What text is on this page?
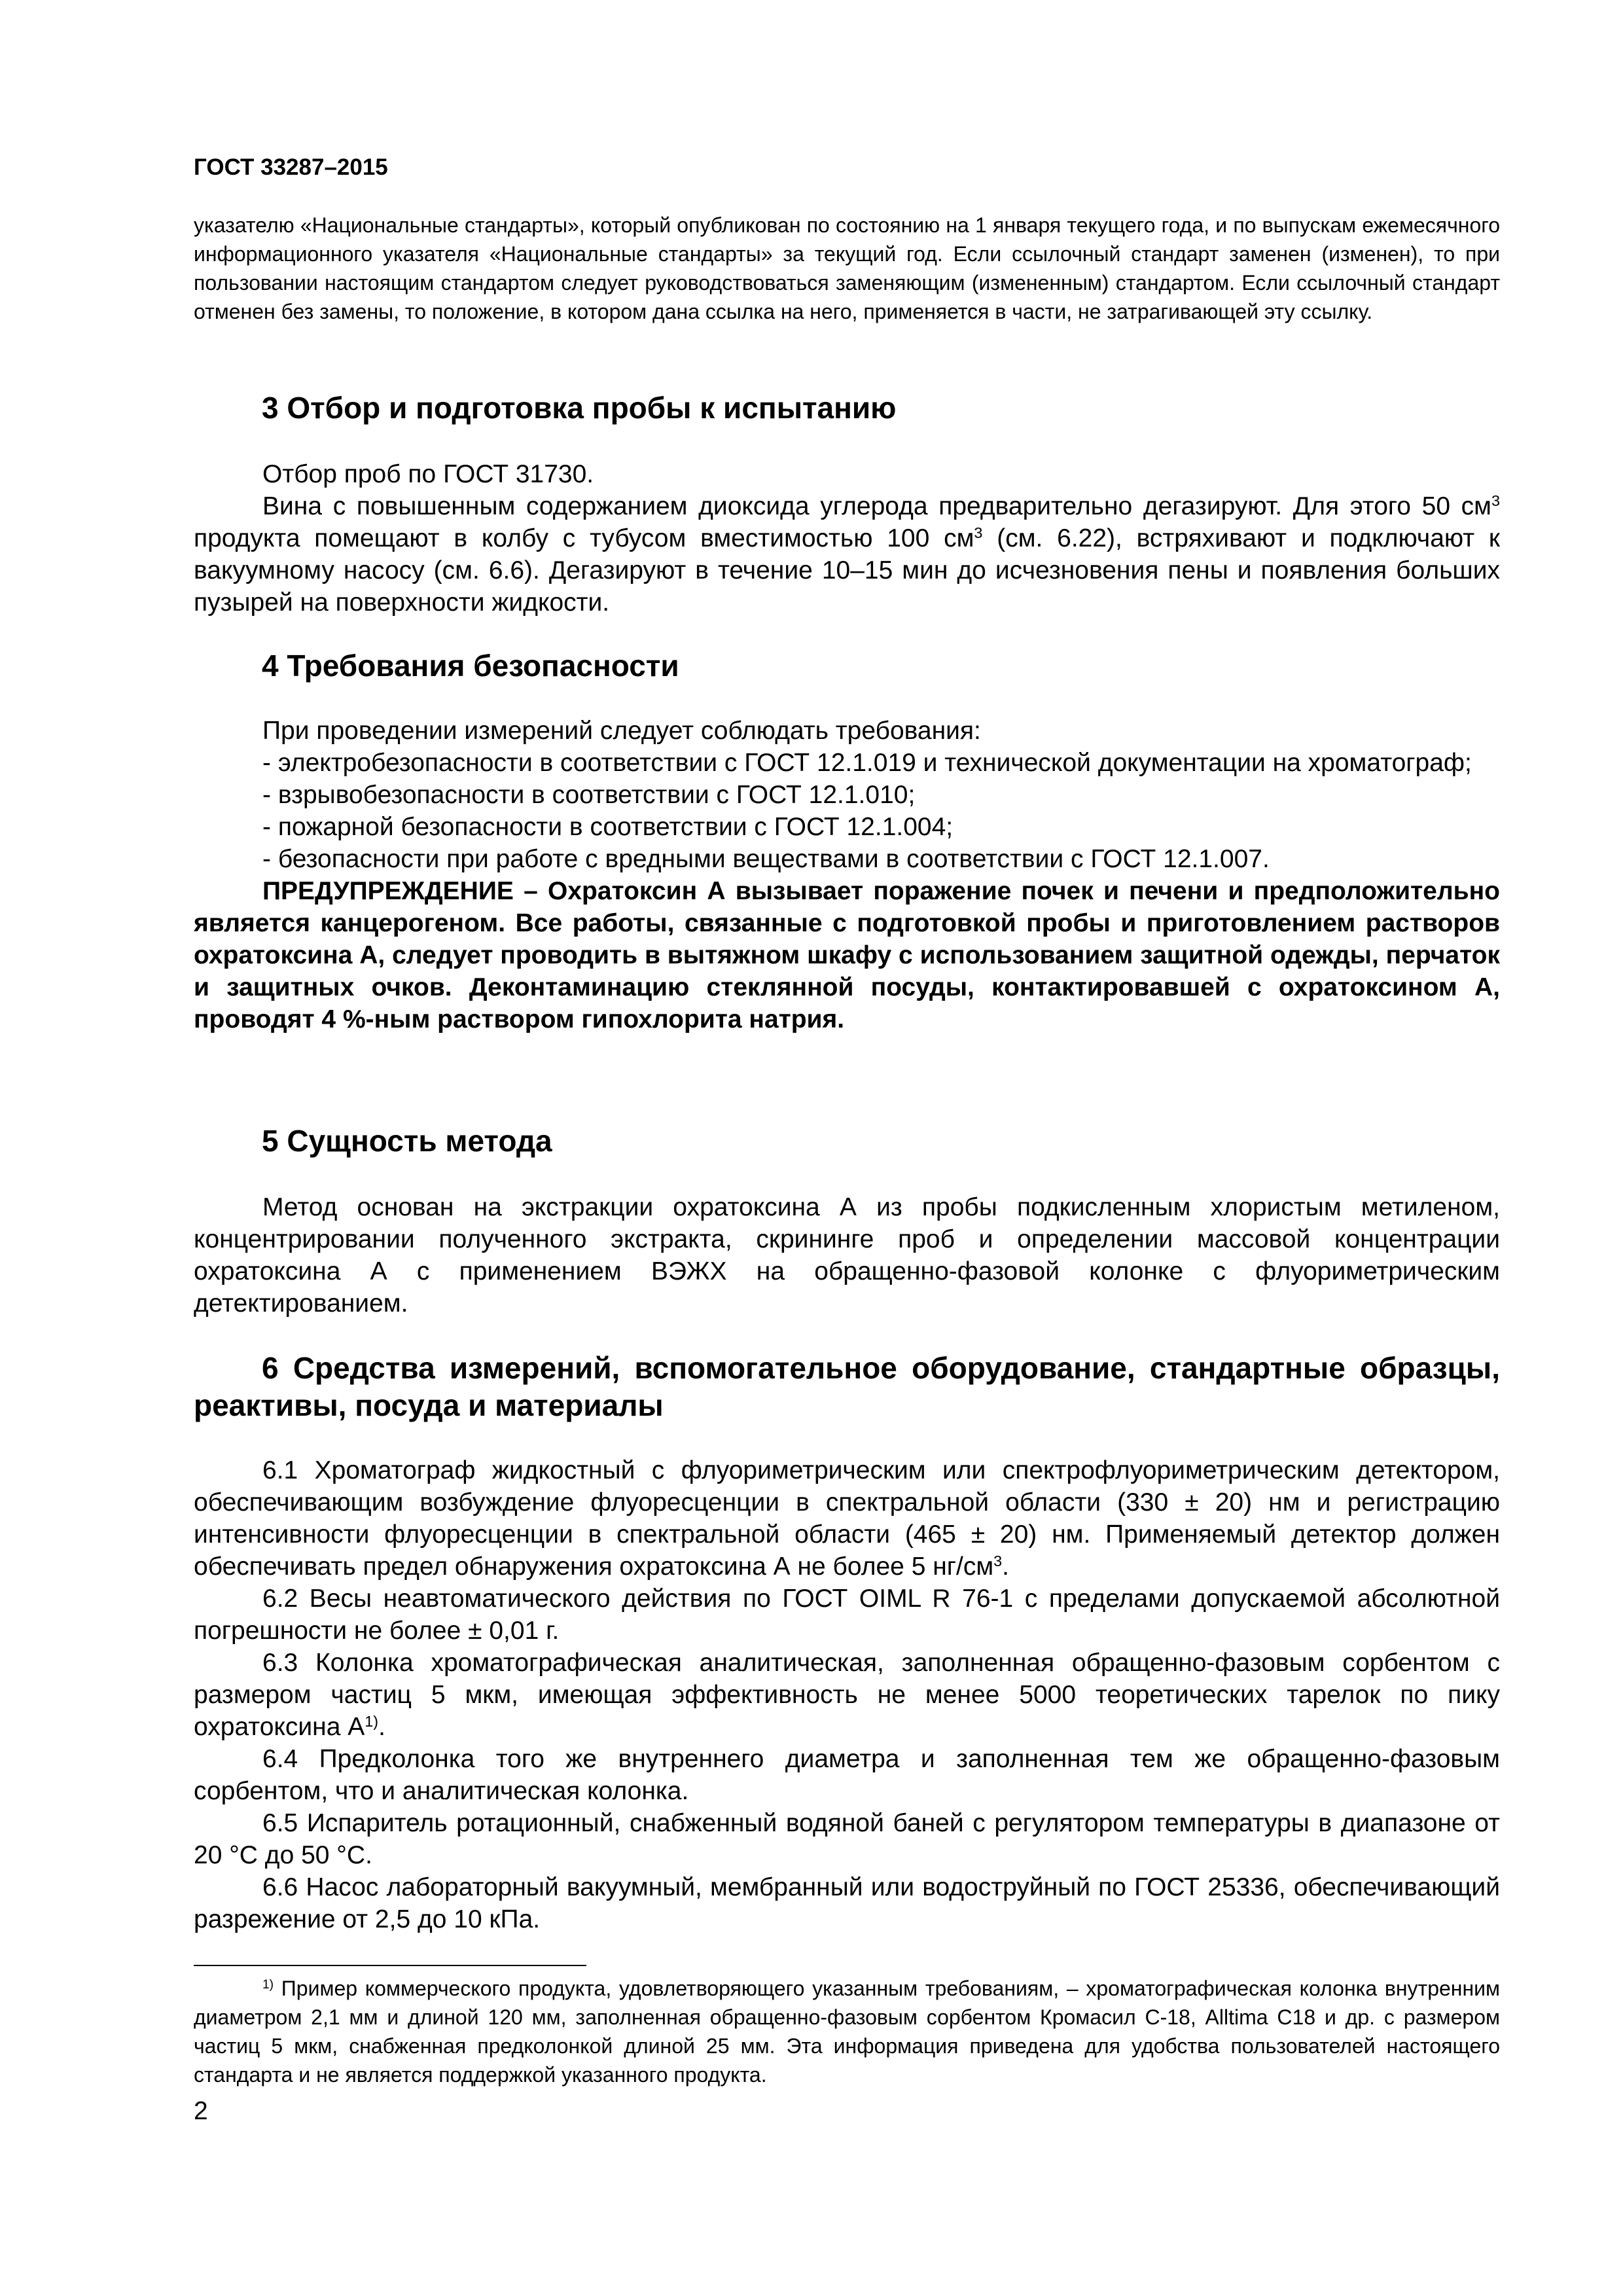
ГОСТ 33287–2015
указателю «Национальные стандарты», который опубликован по состоянию на 1 января текущего года, и по выпускам ежемесячного информационного указателя «Национальные стандарты» за текущий год. Если ссылочный стандарт заменен (изменен), то при пользовании настоящим стандартом следует руководствоваться заменяющим (измененным) стандартом. Если ссылочный стандарт отменен без замены, то положение, в котором дана ссылка на него, применяется в части, не затрагивающей эту ссылку.
3 Отбор и подготовка пробы к испытанию

Отбор проб по ГОСТ 31730.

Вина с повышенным содержанием диоксида углерода предварительно дегазируют. Для этого 50 $см^3$ продукта помещают в колбу с тубусом вместимостью 100 $см^3$ (см. 6.22), встряхивают и подключают к вакуумному насосу (см. 6.6). Дегазируют в течение 10–15 мин до исчезновения пены и появления больших пузырей на поверхности жидкости.

4 Требования безопасности

При проведении измерений следует соблюдать требования:

- электробезопасности в соответствии с ГОСТ 12.1.019 и технической документации на хроматограф;

- взрывобезопасности в соответствии с ГОСТ 12.1.010;

- пожарной безопасности в соответствии с ГОСТ 12.1.004;

- безопасности при работе с вредными веществами в соответствии с ГОСТ 12.1.007.

ПРЕДУПРЕЖДЕНИЕ – Охратоксин А вызывает поражение почек и печени и предположительно является канцерогеном. Все работы, связанные с подготовкой пробы и приготовлением растворов охратоксина А, следует проводить в вытяжном шкафу с использованием защитной одежды, перчаток и защитных очков. Деконтаминацию стеклянной посуды, контактировавшей с охратоксином А, проводят 4 %-ным раствором гипохлорита натрия.

5 Сущность метода

Метод основан на экстракции охратоксина А из пробы подкисленным хлористым метиленом, концентрировании полученного экстракта, скрининге проб и определении массовой концентрации охратоксина А с применением ВЭЖХ на обращенно-фазовой колонке с флуориметрическим детектированием.

6 Средства измерений, вспомогательное оборудование, стандартные образцы, реактивы, посуда и материалы

6.1 Хроматограф жидкостный с флуориметрическим или спектрофлуориметрическим детектором, обеспечивающим возбуждение флуоресценции в спектральной области (330 ± 20) нм и регистрацию интенсивности флуоресценции в спектральной области (465 ± 20) нм. Применяемый детектор должен обеспечивать предел обнаружения охратоксина А не более 5 $нг/см^3$.

6.2 Весы неавтоматического действия по ГОСТ OIML R 76-1 с пределами допускаемой абсолютной погрешности не более ± 0,01 г.

6.3 Колонка хроматографическая аналитическая, заполненная обращенно-фазовым сорбентом с размером частиц 5 мкм, имеющая эффективность не менее 5000 теоретических тарелок по пику охратоксина $А^{1)}$.

6.4 Предколонка того же внутреннего диаметра и заполненная тем же обращенно-фазовым сорбентом, что и аналитическая колонка.

6.5 Испаритель ротационный, снабженный водяной баней с регулятором температуры в диапазоне от 20 °С до 50 °С.

6.6 Насос лабораторный вакуумный, мембранный или водоструйный по ГОСТ 25336, обеспечивающий разрежение от 2,5 до 10 кПа.

$^{1)}$ Пример коммерческого продукта, удовлетворяющего указанным требованиям, – хроматографическая колонка внутренним диаметром 2,1 мм и длиной 120 мм, заполненная обращенно-фазовым сорбентом Кромасил С-18, Alltima C18 и др. с размером частиц 5 мкм, снабженная предколонкой длиной 25 мм. Эта информация приведена для удобства пользователей настоящего стандарта и не является поддержкой указанного продукта.
2
